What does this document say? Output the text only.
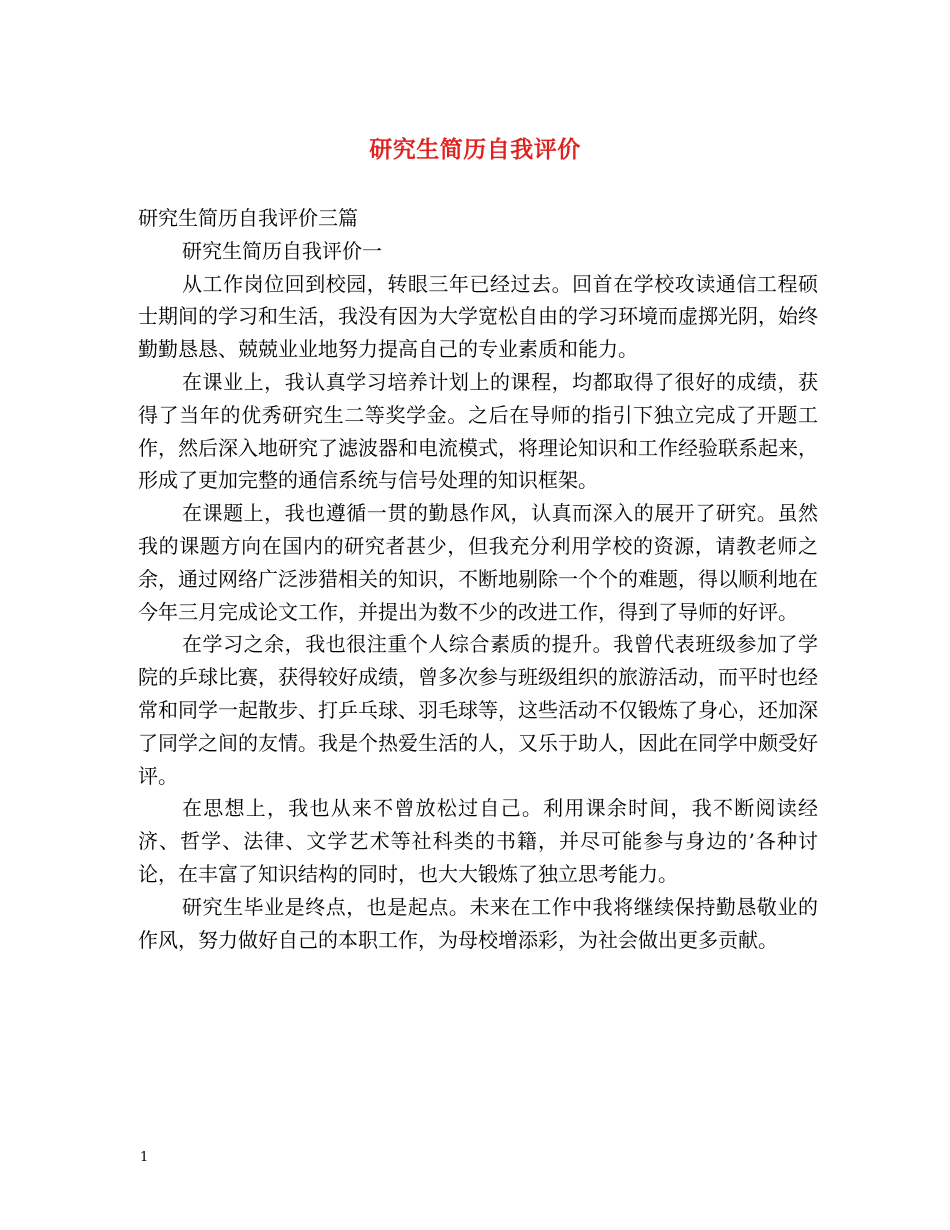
研究生简历自我评价

研究生简历自我评价三篇

研究生简历自我评价一

从工作岗位回到校园，转眼三年已经过去。回首在学校攻读通信工程硕士期间的学习和生活，我没有因为大学宽松自由的学习环境而虚掷光阴，始终勤勤恳恳、兢兢业业地努力提高自己的专业素质和能力。

在课业上，我认真学习培养计划上的课程，均都取得了很好的成绩，获得了当年的优秀研究生二等奖学金。之后在导师的指引下独立完成了开题工作，然后深入地研究了滤波器和电流模式，将理论知识和工作经验联系起来，形成了更加完整的通信系统与信号处理的知识框架。

在课题上，我也遵循一贯的勤恳作风，认真而深入的展开了研究。虽然我的课题方向在国内的研究者甚少，但我充分利用学校的资源，请教老师之余，通过网络广泛涉猎相关的知识，不断地剔除一个个的难题，得以顺利地在今年三月完成论文工作，并提出为数不少的改进工作，得到了导师的好评。

在学习之余，我也很注重个人综合素质的提升。我曾代表班级参加了学院的乒球比赛，获得较好成绩，曾多次参与班级组织的旅游活动，而平时也经常和同学一起散步、打乒乓球、羽毛球等，这些活动不仅锻炼了身心，还加深了同学之间的友情。我是个热爱生活的人，又乐于助人，因此在同学中颇受好评。

在思想上，我也从来不曾放松过自己。利用课余时间，我不断阅读经济、哲学、法律、文学艺术等社科类的书籍，并尽可能参与身边的’各种讨论，在丰富了知识结构的同时，也大大锻炼了独立思考能力。

研究生毕业是终点，也是起点。未来在工作中我将继续保持勤恳敬业的作风，努力做好自己的本职工作，为母校增添彩，为社会做出更多贡献。

1
